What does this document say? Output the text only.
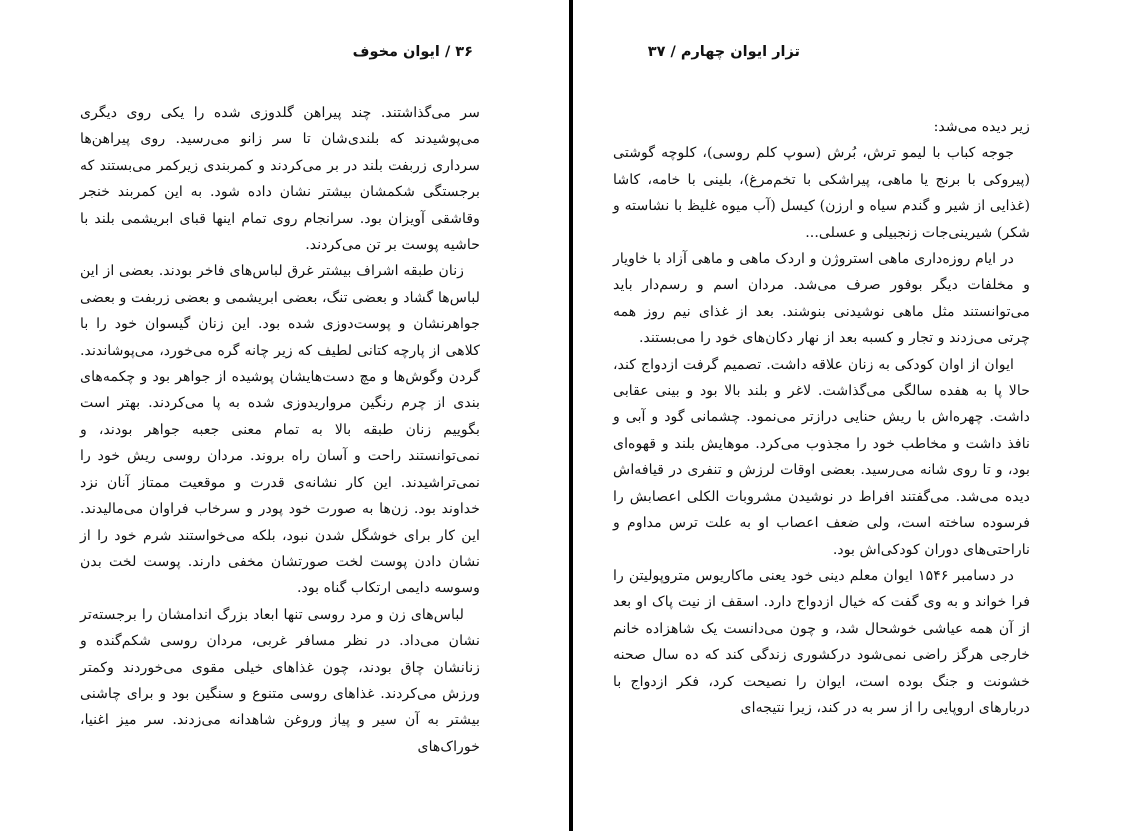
۳۶ / ایوان مخوف

سر می‌گذاشتند. چند پیراهن گلدوزی شده را یکی روی دیگری می‌پوشیدند که بلندی‌شان تا سر زانو می‌رسید. روی پیراهن‌ها سرداری زربفت بلند در بر می‌کردند و کمربندی زیرکمر می‌بستند که برجستگی شکمشان بیشتر نشان داده شود. به این کمربند خنجر وقاشقی آویزان بود. سرانجام روی تمام اینها قبای ابریشمی بلند با حاشیه پوست بر تن می‌کردند.

زنان طبقه اشراف بیشتر غرق لباس‌های فاخر بودند. بعضی از این لباس‌ها گشاد و بعضی تنگ، بعضی ابریشمی و بعضی زربفت و بعضی جواهرنشان و پوست‌دوزی شده بود. این زنان گیسوان خود را با کلاهی از پارچه کتانی لطیف که زیر چانه گره می‌خورد، می‌پوشاندند. گردن وگوش‌ها و مچ دست‌هایشان پوشیده از جواهر بود و چکمه‌های بندی از چرم رنگین مرواریدوزی شده به پا می‌کردند. بهتر است بگوییم زنان طبقه بالا به تمام معنی جعبه جواهر بودند، و نمی‌توانستند راحت و آسان راه بروند. مردان روسی ریش خود را نمی‌تراشیدند. این کار نشانه‌ی قدرت و موقعیت ممتاز آنان نزد خداوند بود. زن‌ها به صورت خود پودر و سرخاب فراوان می‌مالیدند. این کار برای خوشگل شدن نبود، بلکه می‌خواستند شرم خود را از نشان دادن پوست لخت صورتشان مخفی دارند. پوست لخت بدن وسوسه دایمی ارتکاب گناه بود.

لباس‌های زن و مرد روسی تنها ابعاد بزرگ اندامشان را برجسته‌تر نشان می‌داد. در نظر مسافر غربی، مردان روسی شکم‌گنده و زنانشان چاق بودند، چون غذاهای خیلی مقوی می‌خوردند وکمتر ورزش می‌کردند. غذاهای روسی متنوع و سنگین بود و برای چاشنی بیشتر به آن سیر و پیاز وروغن شاهدانه می‌زدند. سر میز اغنیا، خوراک‌های

تزار ایوان چهارم / ۳۷

زیر دیده می‌شد:

جوجه کباب با لیمو ترش، بُرش (سوپ کلم روسی)، کلوچه گوشتی (پیروکی با برنج یا ماهی، پیراشکی با تخم‌مرغ)، بلینی با خامه، کاشا (غذایی از شیر و گندم سیاه و ارزن) کیسل (آب میوه غلیظ با نشاسته و شکر) شیرینی‌جات زنجبیلی و عسلی...

در ایام روزه‌داری ماهی استروژن و اردک ماهی و ماهی آزاد با خاویار و مخلفات دیگر بوفور صرف می‌شد. مردان اسم و رسم‌دار باید می‌توانستند مثل ماهی نوشیدنی بنوشند. بعد از غذای نیم روز همه چرتی می‌زدند و تجار و کسبه بعد از نهار دکان‌های خود را می‌بستند.

ایوان از اوان کودکی به زنان علاقه داشت. تصمیم گرفت ازدواج کند، حالا پا به هفده سالگی می‌گذاشت. لاغر و بلند بالا بود و بینی عقابی داشت. چهره‌اش با ریش حنایی درازتر می‌نمود. چشمانی گود و آبی و نافذ داشت و مخاطب خود را مجذوب می‌کرد. موهایش بلند و قهوه‌ای بود، و تا روی شانه می‌رسید. بعضی اوقات لرزش و تنفری در قیافه‌اش دیده می‌شد. می‌گفتند افراط در نوشیدن مشروبات الکلی اعصابش را فرسوده ساخته است، ولی ضعف اعصاب او به علت ترس مداوم و ناراحتی‌های دوران کودکی‌اش بود.

در دسامبر ۱۵۴۶ ایوان معلم دینی خود یعنی ماکاریوس متروپولیتن را فرا خواند و به وی گفت که خیال ازدواج دارد. اسقف از نیت پاک او بعد از آن همه عیاشی خوشحال شد، و چون می‌دانست یک شاهزاده خانم خارجی هرگز راضی نمی‌شود درکشوری زندگی کند که ده سال صحنه خشونت و جنگ بوده است، ایوان را نصیحت کرد، فکر ازدواج با دربارهای اروپایی را از سر به در کند، زیرا نتیجه‌ای
